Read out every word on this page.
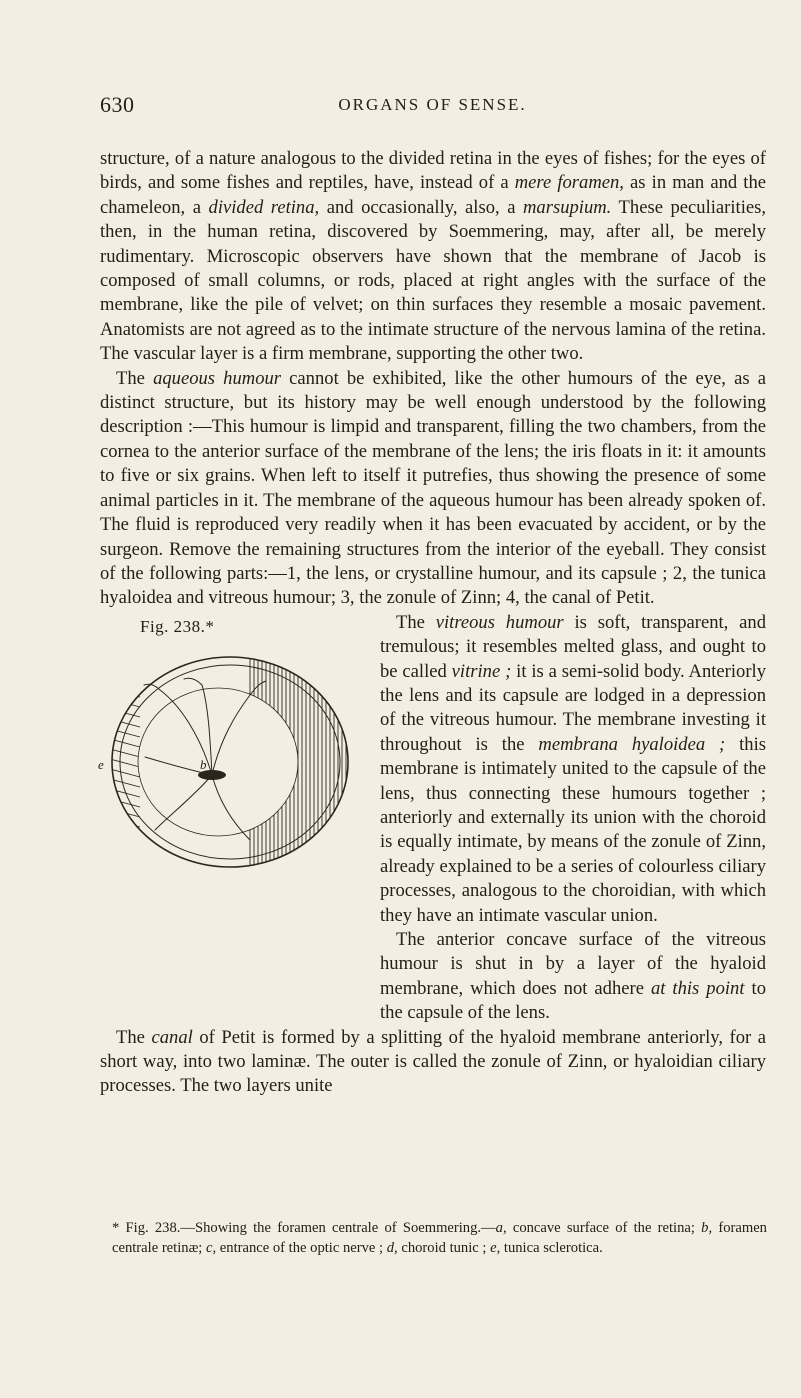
630	ORGANS OF SENSE.

structure, of a nature analogous to the divided retina in the eyes of fishes; for the eyes of birds, and some fishes and reptiles, have, instead of a mere foramen, as in man and the chameleon, a divided retina, and occasionally, also, a marsupium. These peculiarities, then, in the human retina, discovered by Soemmering, may, after all, be merely rudimentary. Microscopic observers have shown that the membrane of Jacob is composed of small columns, or rods, placed at right angles with the surface of the membrane, like the pile of velvet; on thin surfaces they resemble a mosaic pavement. Anatomists are not agreed as to the intimate structure of the nervous lamina of the retina. The vascular layer is a firm membrane, supporting the other two.

The aqueous humour cannot be exhibited, like the other humours of the eye, as a distinct structure, but its history may be well enough understood by the following description :—This humour is limpid and transparent, filling the two chambers, from the cornea to the anterior surface of the membrane of the lens; the iris floats in it: it amounts to five or six grains. When left to itself it putrefies, thus showing the presence of some animal particles in it. The membrane of the aqueous humour has been already spoken of. The fluid is reproduced very readily when it has been evacuated by accident, or by the surgeon. Remove the remaining structures from the interior of the eyeball. They consist of the following parts:—1, the lens, or crystalline humour, and its capsule ; 2, the tunica hyaloidea and vitreous humour; 3, the zonule of Zinn; 4, the canal of Petit.

Fig. 238.*
b
e

The vitreous humour is soft, transparent, and tremulous; it resembles melted glass, and ought to be called vitrine ; it is a semi-solid body. Anteriorly the lens and its capsule are lodged in a depression of the vitreous humour. The membrane investing it throughout is the membrana hyaloidea ; this membrane is intimately united to the capsule of the lens, thus connecting these humours together ; anteriorly and externally its union with the choroid is equally intimate, by means of the zonule of Zinn, already explained to be a series of colourless ciliary processes, analogous to the choroidian, with which they have an intimate vascular union.

The anterior concave surface of the vitreous humour is shut in by a layer of the hyaloid membrane, which does not adhere at this point to the capsule of the lens.

The canal of Petit is formed by a splitting of the hyaloid membrane anteriorly, for a short way, into two laminæ. The outer is called the zonule of Zinn, or hyaloidian ciliary processes. The two layers unite

* Fig. 238.—Showing the foramen centrale of Soemmering.—a, concave surface of the retina; b, foramen centrale retinæ; c, entrance of the optic nerve ; d, choroid tunic ; e, tunica sclerotica.
